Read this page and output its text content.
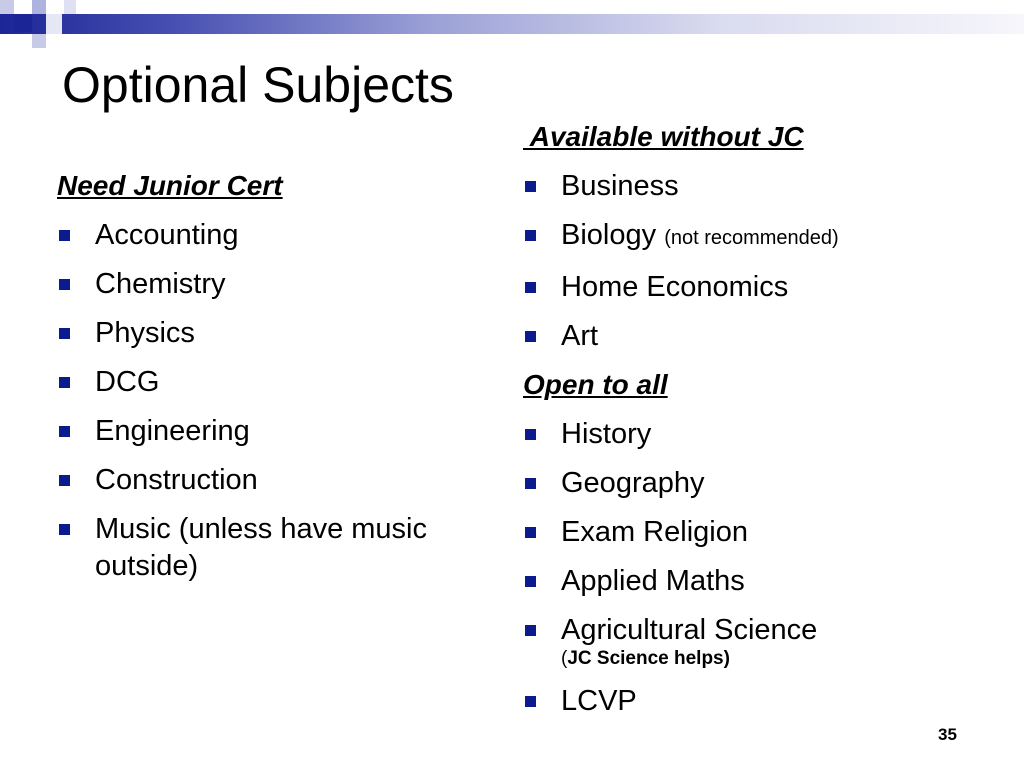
Optional Subjects
Need Junior Cert
Accounting
Chemistry
Physics
DCG
Engineering
Construction
Music (unless have music outside)
Available without JC
Business
Biology (not recommended)
Home Economics
Art
Open to all
History
Geography
Exam Religion
Applied Maths
Agricultural Science
(JC Science helps)
LCVP
35
